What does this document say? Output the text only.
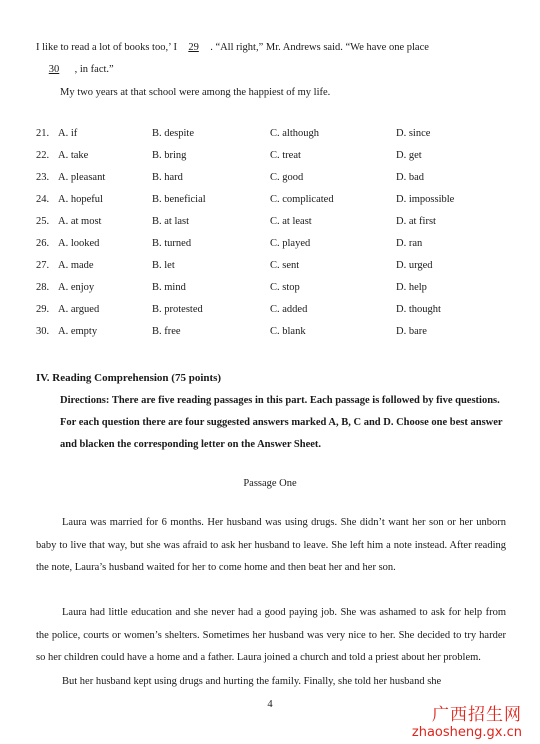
I like to read a lot of books too,’ I 29 . “All right,” Mr. Andrews said. “We have one place
30 , in fact.”
My two years at that school were among the happiest of my life.
21. A. if	B. despite	C. although	D. since
22. A. take	B. bring	C. treat	D. get
23. A. pleasant	B. hard	C. good	D. bad
24. A. hopeful	B. beneficial	C. complicated	D. impossible
25. A. at most	B. at last	C. at least	D. at first
26. A. looked	B. turned	C. played	D. ran
27. A. made	B. let	C. sent	D. urged
28. A. enjoy	B. mind	C. stop	D. help
29. A. argued	B. protested	C. added	D. thought
30. A. empty	B. free	C. blank	D. bare
IV. Reading Comprehension (75 points)
Directions: There are five reading passages in this part. Each passage is followed by five questions. For each question there are four suggested answers marked A, B, C and D. Choose one best answer and blacken the corresponding letter on the Answer Sheet.
Passage One
Laura was married for 6 months. Her husband was using drugs. She didn’t want her son or her unborn baby to live that way, but she was afraid to ask her husband to leave. She left him a note instead. After reading the note, Laura’s husband waited for her to come home and then beat her and her son.
Laura had little education and she never had a good paying job. She was ashamed to ask for help from the police, courts or women’s shelters. Sometimes her husband was very nice to her. She decided to try harder so her children could have a home and a father. Laura joined a church and told a priest about her problem.
But her husband kept using drugs and hurting the family. Finally, she told her husband she
4
广西招生网
zhaosheng.gx.cn
